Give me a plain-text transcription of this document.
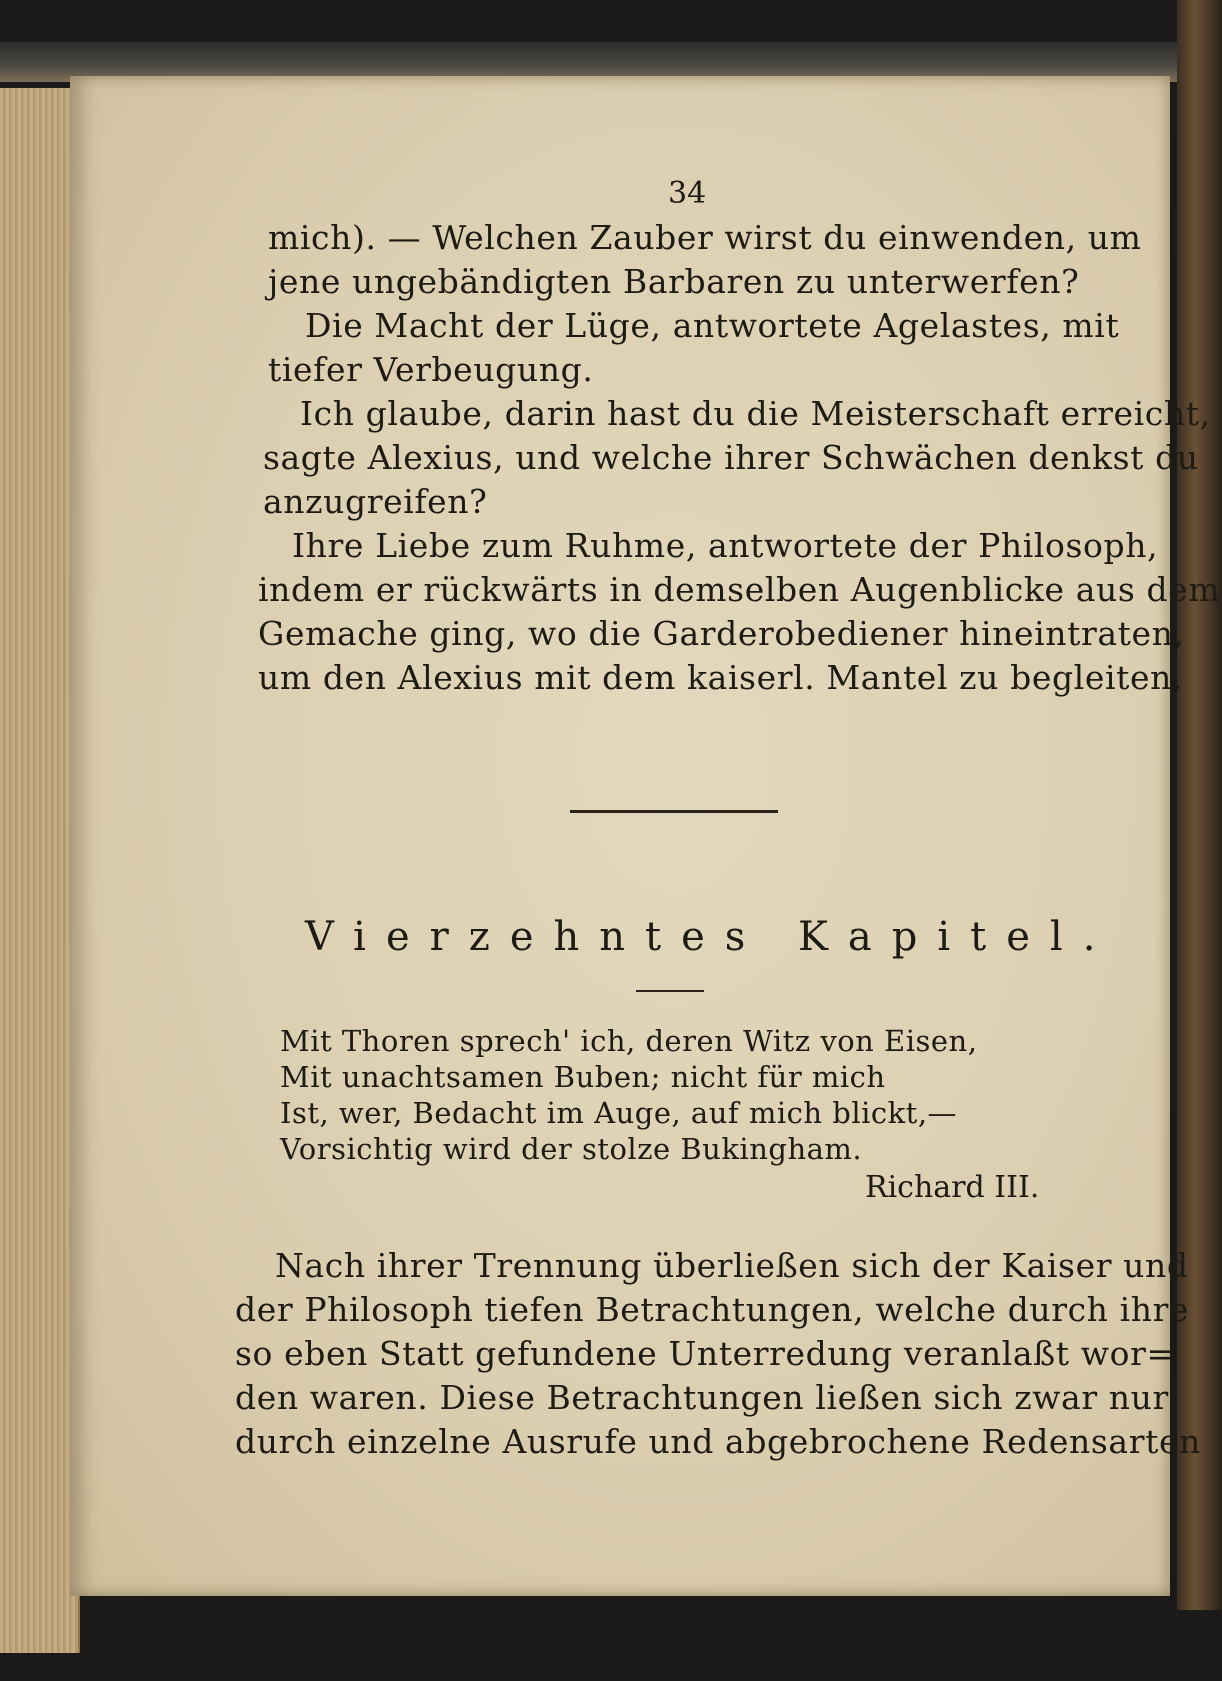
34
mich). — Welchen Zauber wirst du einwenden, um
jene ungebändigten Barbaren zu unterwerfen?
Die Macht der Lüge, antwortete Agelastes, mit
tiefer Verbeugung.
Ich glaube, darin hast du die Meisterschaft erreicht,
sagte Alexius, und welche ihrer Schwächen denkst du
anzugreifen?
Ihre Liebe zum Ruhme, antwortete der Philosoph,
indem er rückwärts in demselben Augenblicke aus dem
Gemache ging, wo die Garderobediener hineintraten,
um den Alexius mit dem kaiserl. Mantel zu begleiten.
Vierzehntes Kapitel.
Mit Thoren sprech' ich, deren Witz von Eisen,
Mit unachtsamen Buben; nicht für mich
Ist, wer, Bedacht im Auge, auf mich blickt,—
Vorsichtig wird der stolze Bukingham.
Richard III.
Nach ihrer Trennung überließen sich der Kaiser und
der Philosoph tiefen Betrachtungen, welche durch ihre
so eben Statt gefundene Unterredung veranlaßt wor=
den waren. Diese Betrachtungen ließen sich zwar nur
durch einzelne Ausrufe und abgebrochene Redensarten
